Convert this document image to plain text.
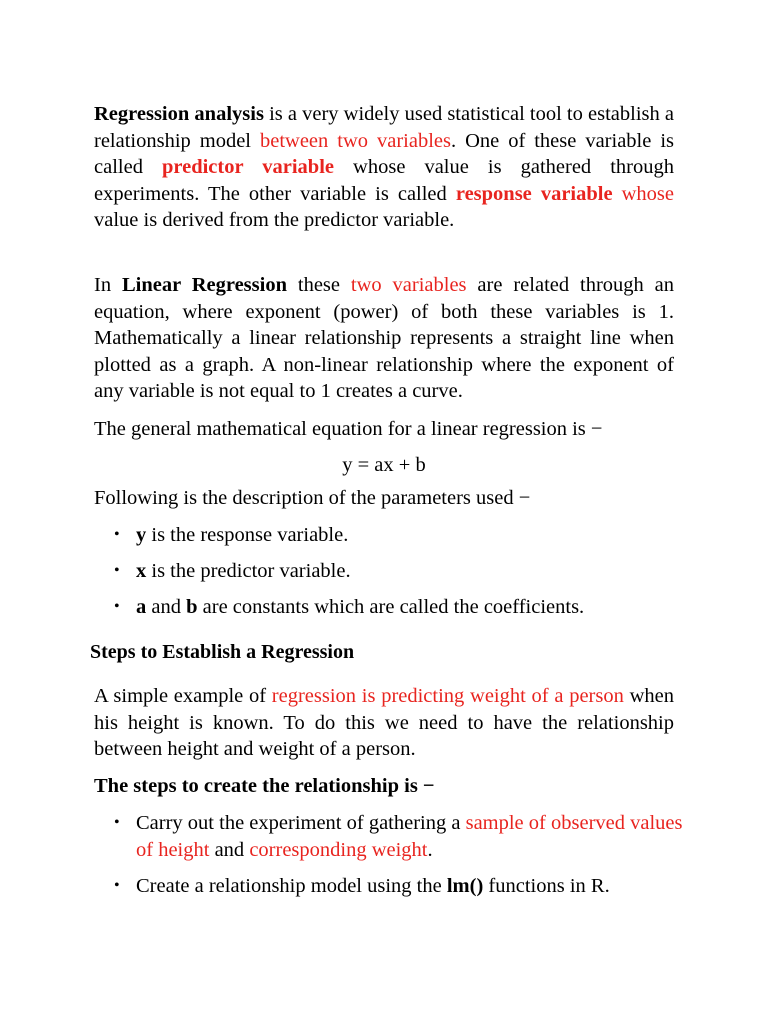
Regression analysis is a very widely used statistical tool to establish a relationship model between two variables. One of these variable is called predictor variable whose value is gathered through experiments. The other variable is called response variable whose value is derived from the predictor variable.

In Linear Regression these two variables are related through an equation, where exponent (power) of both these variables is 1. Mathematically a linear relationship represents a straight line when plotted as a graph. A non-linear relationship where the exponent of any variable is not equal to 1 creates a curve.

The general mathematical equation for a linear regression is −

y = ax + b

Following is the description of the parameters used −

• y is the response variable.
• x is the predictor variable.
• a and b are constants which are called the coefficients.
Steps to Establish a Regression

A simple example of regression is predicting weight of a person when his height is known. To do this we need to have the relationship between height and weight of a person.

The steps to create the relationship is −

• Carry out the experiment of gathering a sample of observed values of height and corresponding weight.
• Create a relationship model using the lm() functions in R.
